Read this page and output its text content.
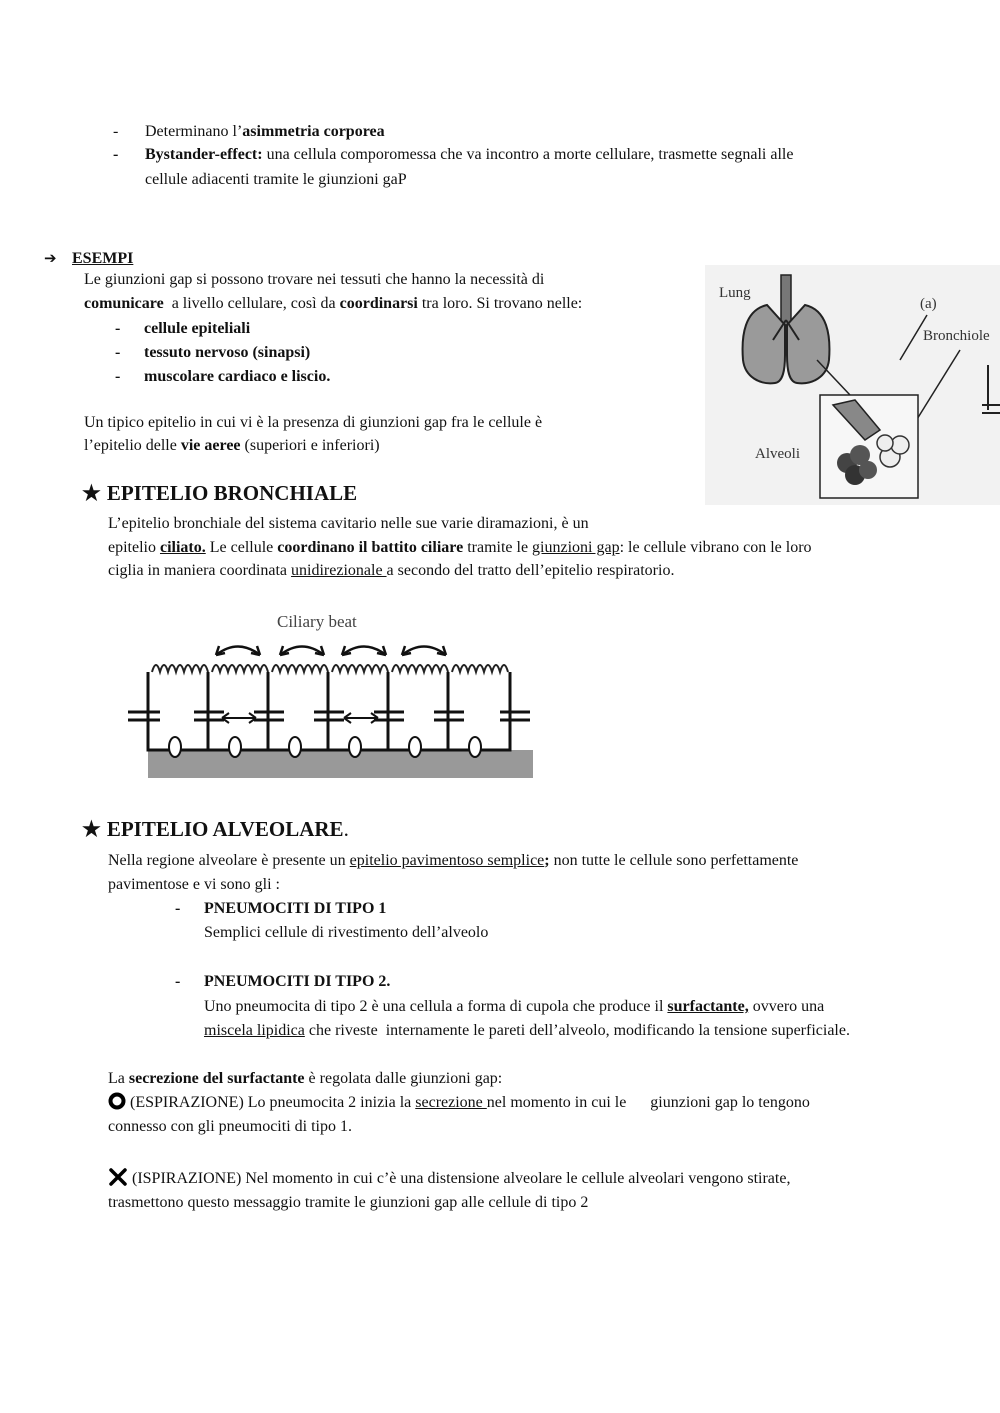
- Determinano l’asimmetria corporea
- Bystander-effect: una cellula comporomessa che va incontro a morte cellulare, trasmette segnali alle
cellule adiacenti tramite le giunzioni gaP
➔ ESEMPI
Le giunzioni gap si possono trovare nei tessuti che hanno la necessità di
comunicare  a livello cellulare, così da coordinarsi tra loro. Si trovano nelle:
- cellule epiteliali
- tessuto nervoso (sinapsi)
- muscolare cardiaco e liscio.
Un tipico epitelio in cui vi è la presenza di giunzioni gap fra le cellule è
l’epitelio delle vie aeree (superiori e inferiori)
Lung
(a)
Bronchiole
Alveoli
★ EPITELIO BRONCHIALE
L’epitelio bronchiale del sistema cavitario nelle sue varie diramazioni, è un
epitelio ciliato. Le cellule coordinano il battito ciliare tramite le giunzioni gap: le cellule vibrano con le loro
ciglia in maniera coordinata unidirezionale a secondo del tratto dell’epitelio respiratorio.
Ciliary beat
★ EPITELIO ALVEOLARE.
Nella regione alveolare è presente un epitelio pavimentoso semplice; non tutte le cellule sono perfettamente
pavimentose e vi sono gli :
- PNEUMOCITI DI TIPO 1
Semplici cellule di rivestimento dell’alveolo
- PNEUMOCITI DI TIPO 2.
Uno pneumocita di tipo 2 è una cellula a forma di cupola che produce il surfactante, ovvero una
miscela lipidica che riveste  internamente le pareti dell’alveolo, modificando la tensione superficiale.
La secrezione del surfactante è regolata dalle giunzioni gap:
(ESPIRAZIONE) Lo pneumocita 2 inizia la secrezione nel momento in cui le      giunzioni gap lo tengono
connesso con gli pneumociti di tipo 1.
(ISPIRAZIONE) Nel momento in cui c’è una distensione alveolare le cellule alveolari vengono stirate,
trasmettono questo messaggio tramite le giunzioni gap alle cellule di tipo 2
